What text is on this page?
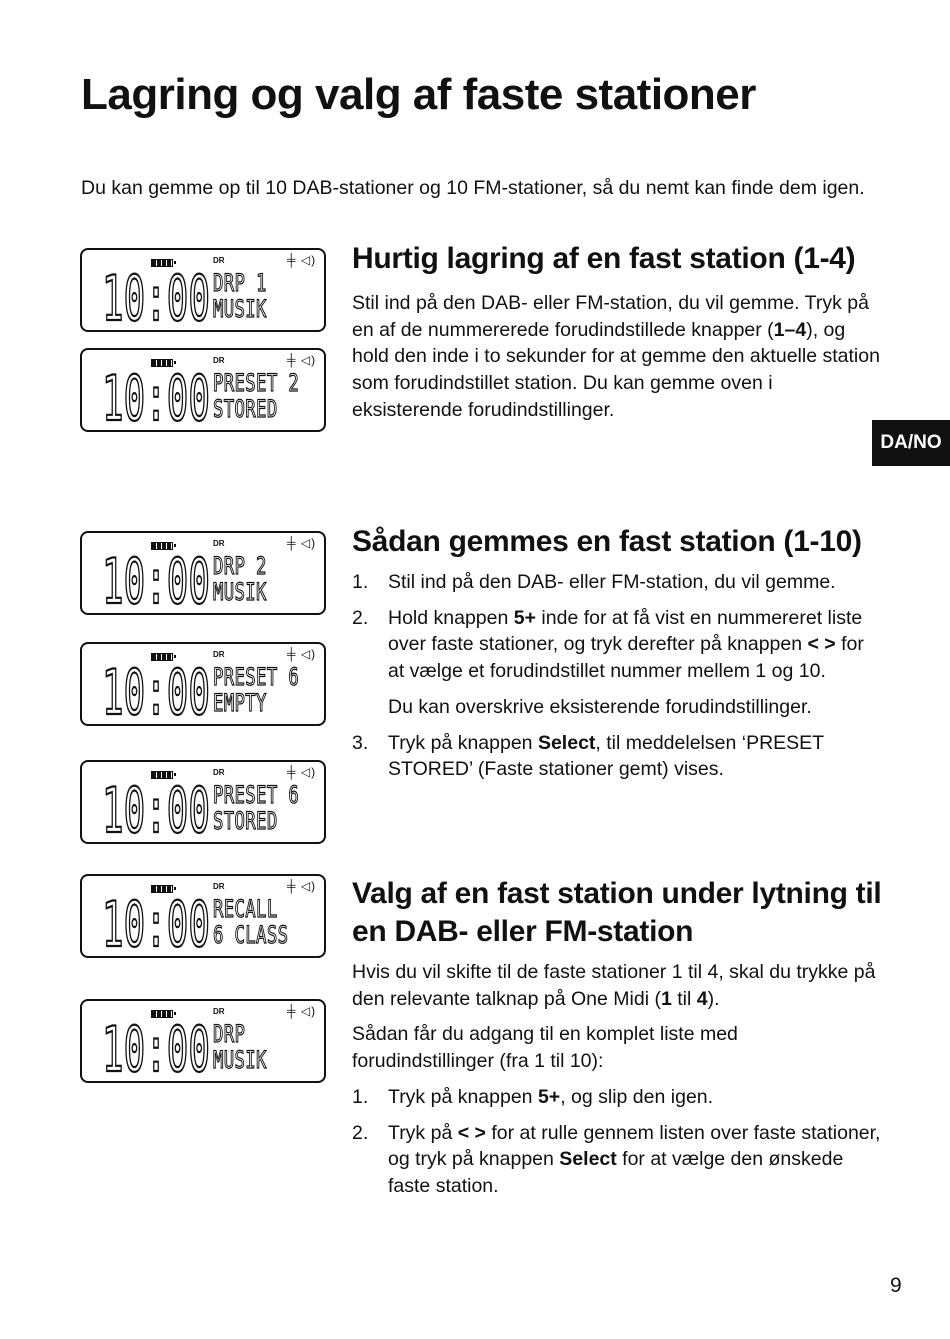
Lagring og valg af faste stationer

Du kan gemme op til 10 DAB-stationer og 10 FM-stationer, så du nemt kan finde dem igen.

DA/NO
DR	╪ ◁)
10:00 DRP 1
MUSIK
DR	╪ ◁)
10:00 PRESET 2
STORED
DR	╪ ◁)
10:00 DRP 2
MUSIK
DR	╪ ◁)
10:00 PRESET 6
EMPTY
DR	╪ ◁)
10:00 PRESET 6
STORED
DR	╪ ◁)
10:00 RECALL
6 CLASS
DR	╪ ◁)
10:00 DRP
MUSIK
Hurtig lagring af en fast station (1-4)

Stil ind på den DAB- eller FM-station, du vil gemme. Tryk på en af de nummererede forudindstillede knapper (1–4), og hold den inde i to sekunder for at gemme den aktuelle station som forudindstillet station. Du kan gemme oven i eksisterende forudindstillinger.

Sådan gemmes en fast station (1-10)
1. Stil ind på den DAB- eller FM-station, du vil gemme.
2. Hold knappen 5+ inde for at få vist en nummereret liste over faste stationer, og tryk derefter på knappen < > for at vælge et forudindstillet nummer mellem 1 og 10.

Du kan overskrive eksisterende forudindstillinger.

3. Tryk på knappen Select, til meddelelsen ‘PRESET STORED’ (Faste stationer gemt) vises.
Valg af en fast station under lytning til en DAB- eller FM-station

Hvis du vil skifte til de faste stationer 1 til 4, skal du trykke på den relevante talknap på One Midi (1 til 4).

Sådan får du adgang til en komplet liste med forudindstillinger (fra 1 til 10):

1. Tryk på knappen 5+, og slip den igen.
2. Tryk på < > for at rulle gennem listen over faste stationer, og tryk på knappen Select for at vælge den ønskede faste station.
9
